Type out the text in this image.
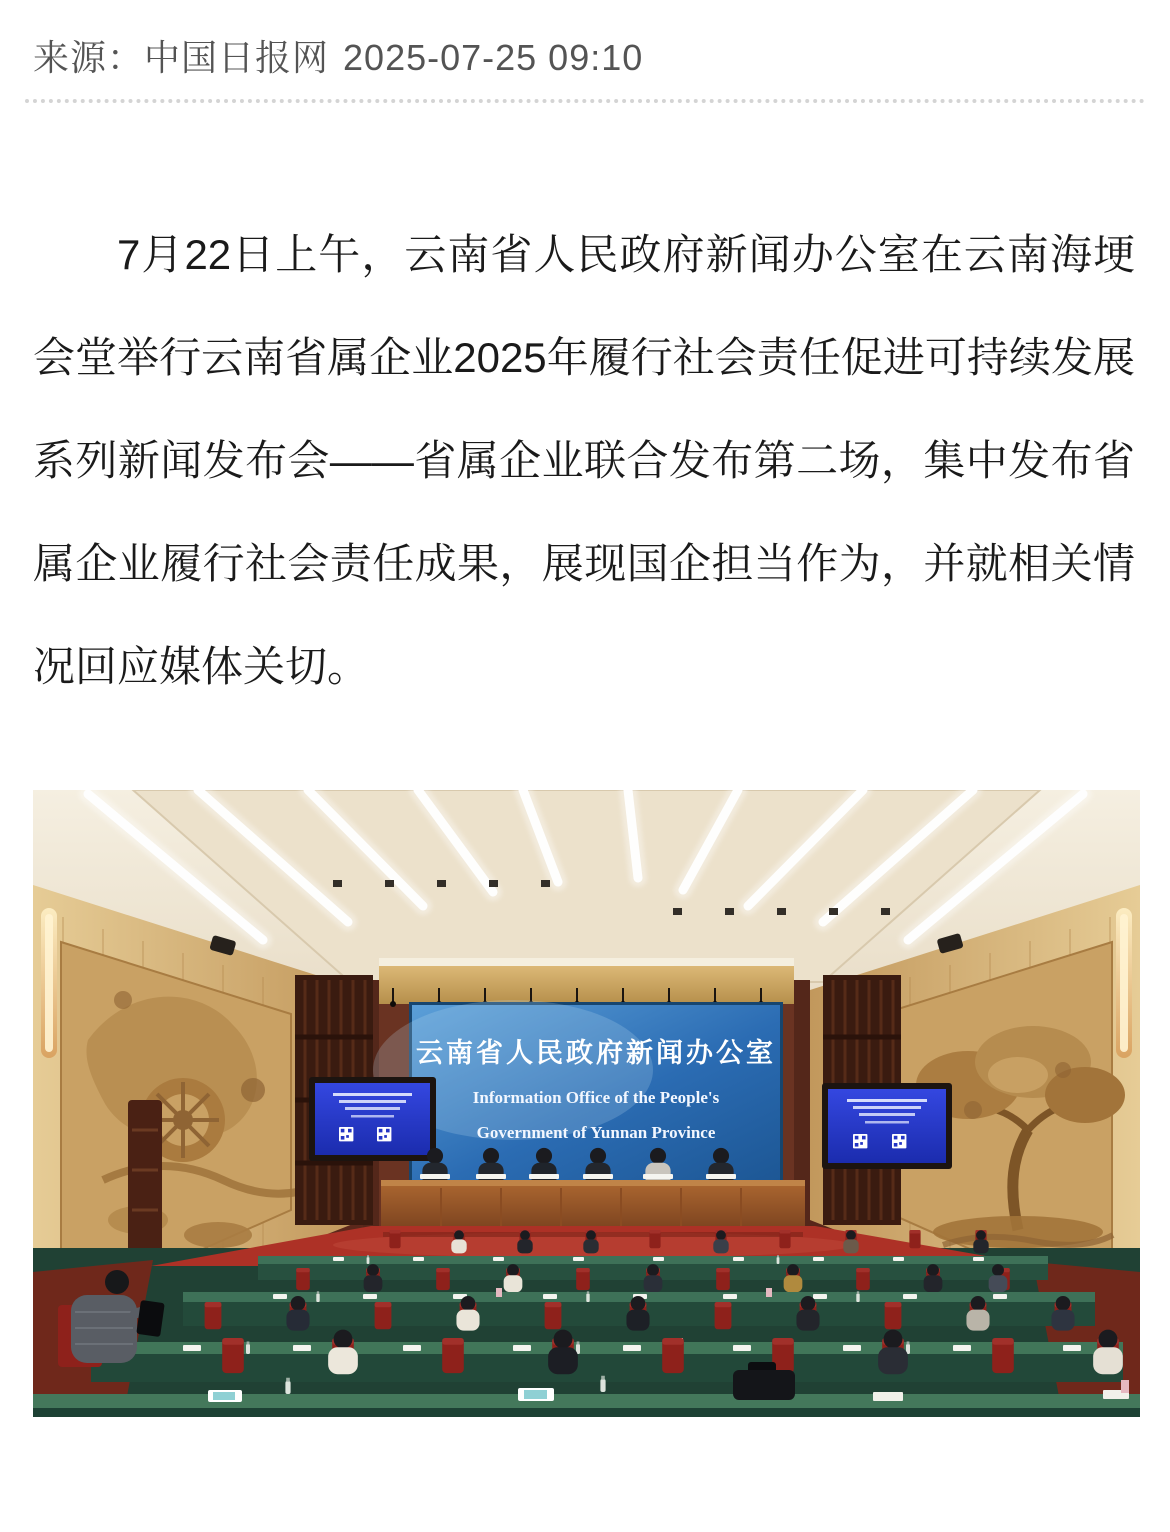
来源：中国日报网 2025-07-25 09:10

7月22日上午，云南省人民政府新闻办公室在云南海埂会堂举行云南省属企业2025年履行社会责任促进可持续发展系列新闻发布会——省属企业联合发布第二场，集中发布省属企业履行社会责任成果，展现国企担当作为，并就相关情况回应媒体关切。

云南省人民政府新闻办公室
Information Office of the People's
Government of Yunnan Province
